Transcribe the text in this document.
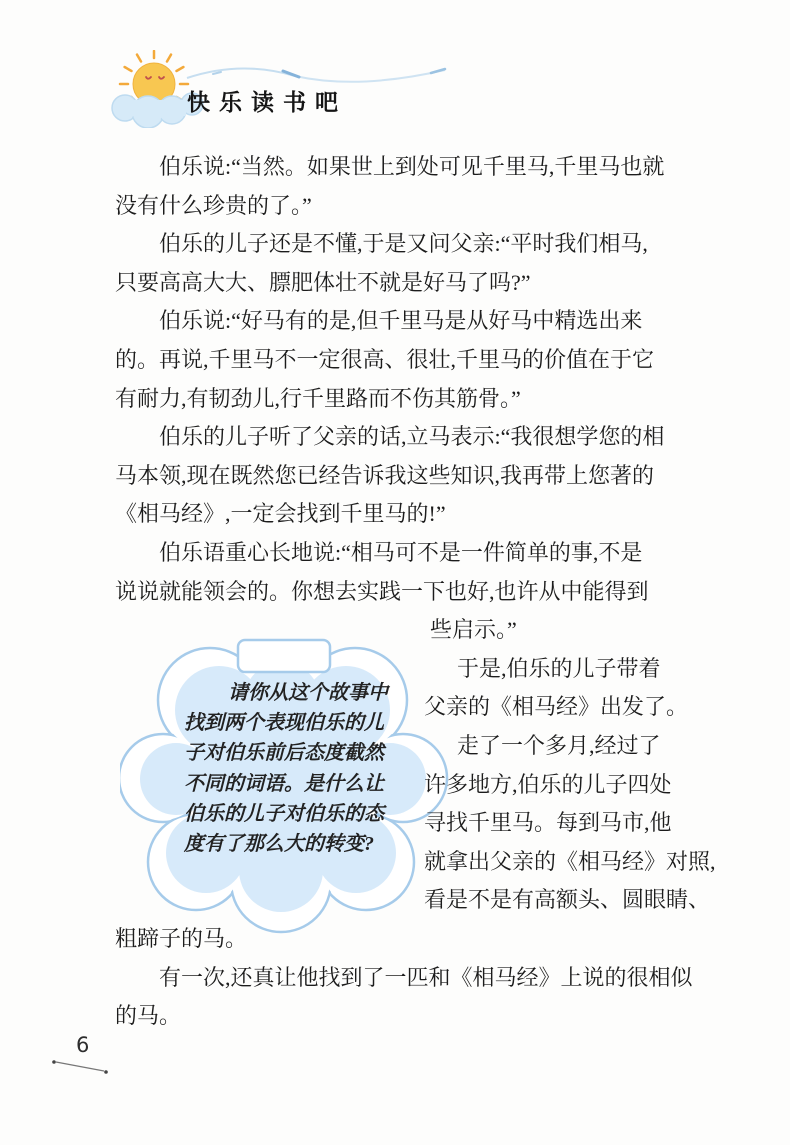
快乐读书吧
伯乐说:“当然。如果世上到处可见千里马,千里马也就
没有什么珍贵的了。”
伯乐的儿子还是不懂,于是又问父亲:“平时我们相马,
只要高高大大、膘肥体壮不就是好马了吗?”
伯乐说:“好马有的是,但千里马是从好马中精选出来
的。再说,千里马不一定很高、很壮,千里马的价值在于它
有耐力,有韧劲儿,行千里路而不伤其筋骨。”
伯乐的儿子听了父亲的话,立马表示:“我很想学您的相
马本领,现在既然您已经告诉我这些知识,我再带上您著的
《相马经》,一定会找到千里马的!”
伯乐语重心长地说:“相马可不是一件简单的事,不是
说说就能领会的。你想去实践一下也好,也许从中能得到
些启示。”
于是,伯乐的儿子带着
父亲的《相马经》出发了。
走了一个多月,经过了
许多地方,伯乐的儿子四处
寻找千里马。每到马市,他
就拿出父亲的《相马经》对照,
看是不是有高额头、圆眼睛、
粗蹄子的马。
有一次,还真让他找到了一匹和《相马经》上说的很相似
的马。
请你从这个故事中
找到两个表现伯乐的儿
子对伯乐前后态度截然
不同的词语。是什么让
伯乐的儿子对伯乐的态
度有了那么大的转变?
6
